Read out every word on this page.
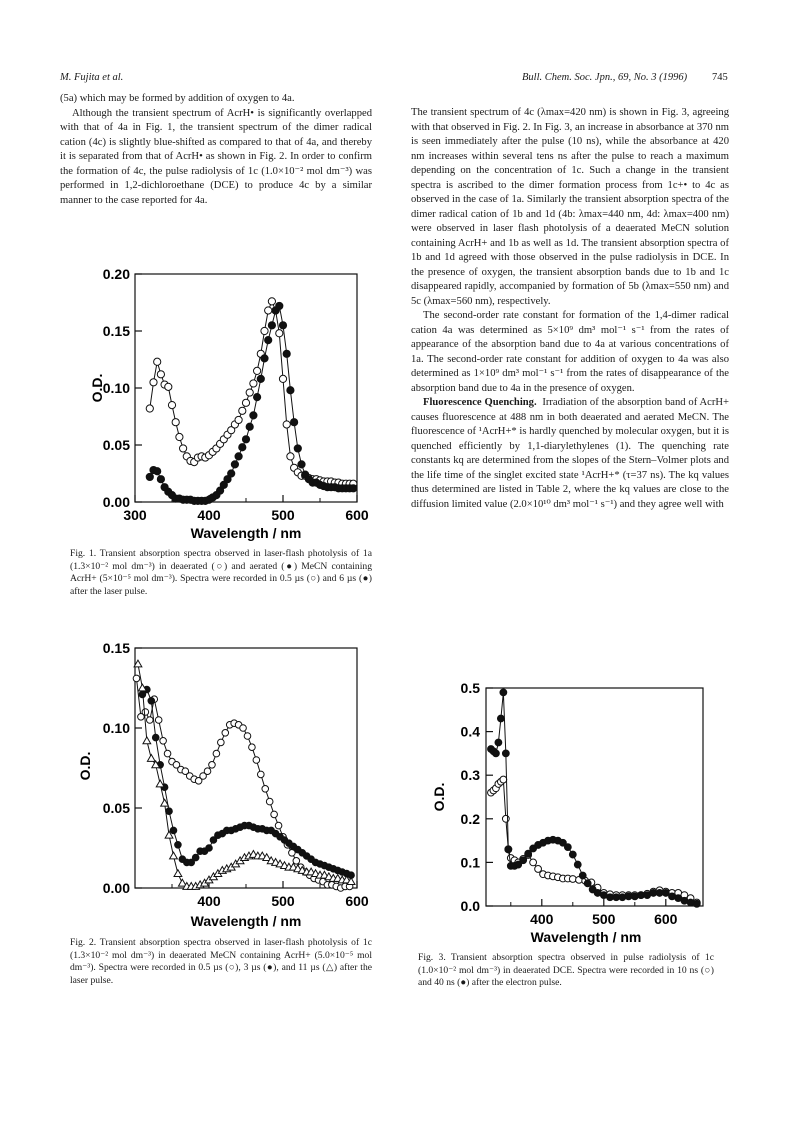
M. Fujita et al.	Bull. Chem. Soc. Jpn., 69, No. 3 (1996) 745

(5a) which may be formed by addition of oxygen to 4a.

Although the transient spectrum of AcrH• is significantly overlapped with that of 4a in Fig. 1, the transient spectrum of the dimer radical cation (4c) is slightly blue-shifted as compared to that of 4a, and thereby it is separated from that of AcrH• as shown in Fig. 2. In order to confirm the formation of 4c, the pulse radiolysis of 1c (1.0×10⁻² mol dm⁻³) was performed in 1,2-dichloroethane (DCE) to produce 4c by a similar manner to the case reported for 4a.

0.00
0.05
0.10
0.15
0.20
300	400	500	600
O.D.
Wavelength / nm
Fig. 1. Transient absorption spectra observed in laser-flash photolysis of 1a (1.3×10⁻² mol dm⁻³) in deaerated (○) and aerated (●) MeCN containing AcrH+ (5×10⁻⁵ mol dm⁻³). Spectra were recorded in 0.5 µs (○) and 6 µs (●) after the laser pulse.
0.00
0.05
0.10
0.15
400	500	600
O.D.
Wavelength / nm
Fig. 2. Transient absorption spectra observed in laser-flash photolysis of 1c (1.3×10⁻² mol dm⁻³) in deaerated MeCN containing AcrH+ (5.0×10⁻⁵ mol dm⁻³). Spectra were recorded in 0.5 µs (○), 3 µs (●), and 11 µs (△) after the laser pulse.

The transient spectrum of 4c (λmax=420 nm) is shown in Fig. 3, agreeing with that observed in Fig. 2. In Fig. 3, an increase in absorbance at 370 nm is seen immediately after the pulse (10 ns), while the absorbance at 420 nm increases within several tens ns after the pulse to reach a maximum depending on the concentration of 1c. Such a change in the transient spectra is ascribed to the dimer formation process from 1c+• to 4c as observed in the case of 1a. Similarly the transient absorption spectra of the dimer radical cation of 1b and 1d (4b: λmax=440 nm, 4d: λmax=400 nm) were observed in laser flash photolysis of a deaerated MeCN solution containing AcrH+ and 1b as well as 1d. The transient absorption spectra of 1b and 1d agreed with those observed in the pulse radiolysis in DCE. In the presence of oxygen, the transient absorption bands due to 1b and 1c disappeared rapidly, accompanied by formation of 5b (λmax=550 nm) and 5c (λmax=560 nm), respectively.

The second-order rate constant for formation of the 1,4-dimer radical cation 4a was determined as 5×10⁹ dm³ mol⁻¹ s⁻¹ from the rates of appearance of the absorption band due to 4a at various concentrations of 1a. The second-order rate constant for addition of oxygen to 4a was also determined as 1×10⁹ dm³ mol⁻¹ s⁻¹ from the rates of disappearance of the absorption band due to 4a in the presence of oxygen.

Fluorescence Quenching. Irradiation of the absorption band of AcrH+ causes fluorescence at 488 nm in both deaerated and aerated MeCN. The fluorescence of ¹AcrH+* is hardly quenched by molecular oxygen, but it is quenched efficiently by 1,1-diarylethylenes (1). The quenching rate constants kq are determined from the slopes of the Stern–Volmer plots and the life time of the singlet excited state ¹AcrH+* (τ=37 ns). The kq values thus determined are listed in Table 2, where the kq values are close to the diffusion limited value (2.0×10¹⁰ dm³ mol⁻¹ s⁻¹) and they agree well with

0.0
0.1
0.2
0.3
0.4
0.5
400	500	600
O.D.
Wavelength / nm
Fig. 3. Transient absorption spectra observed in pulse radiolysis of 1c (1.0×10⁻² mol dm⁻³) in deaerated DCE. Spectra were recorded in 10 ns (○) and 40 ns (●) after the electron pulse.
